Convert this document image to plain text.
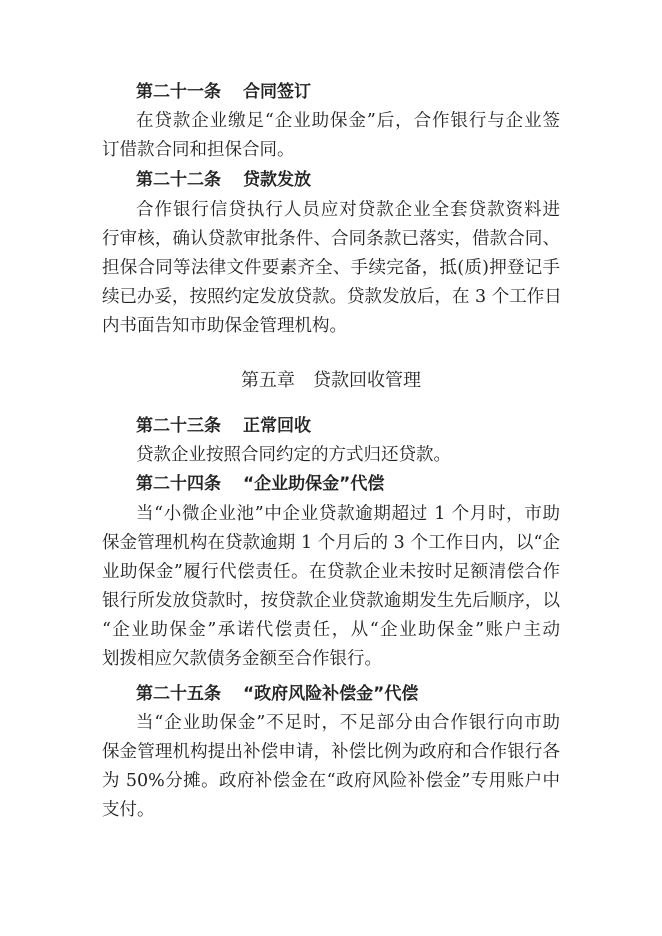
第二十一条 合同签订
在贷款企业缴足“企业助保金”后，合作银行与企业签
订借款合同和担保合同。
第二十二条 贷款发放
合作银行信贷执行人员应对贷款企业全套贷款资料进
行审核，确认贷款审批条件、合同条款已落实，借款合同、
担保合同等法律文件要素齐全、手续完备，抵(质)押登记手
续已办妥，按照约定发放贷款。贷款发放后，在 3 个工作日
内书面告知市助保金管理机构。
第五章 贷款回收管理
第二十三条 正常回收
贷款企业按照合同约定的方式归还贷款。
第二十四条 “企业助保金”代偿
当“小微企业池”中企业贷款逾期超过 1 个月时，市助
保金管理机构在贷款逾期 1 个月后的 3 个工作日内，以“企
业助保金”履行代偿责任。在贷款企业未按时足额清偿合作
银行所发放贷款时，按贷款企业贷款逾期发生先后顺序，以
“企业助保金”承诺代偿责任，从“企业助保金”账户主动
划拨相应欠款债务金额至合作银行。
第二十五条 “政府风险补偿金”代偿
当“企业助保金”不足时，不足部分由合作银行向市助
保金管理机构提出补偿申请，补偿比例为政府和合作银行各
为 50%分摊。政府补偿金在“政府风险补偿金”专用账户中
支付。
